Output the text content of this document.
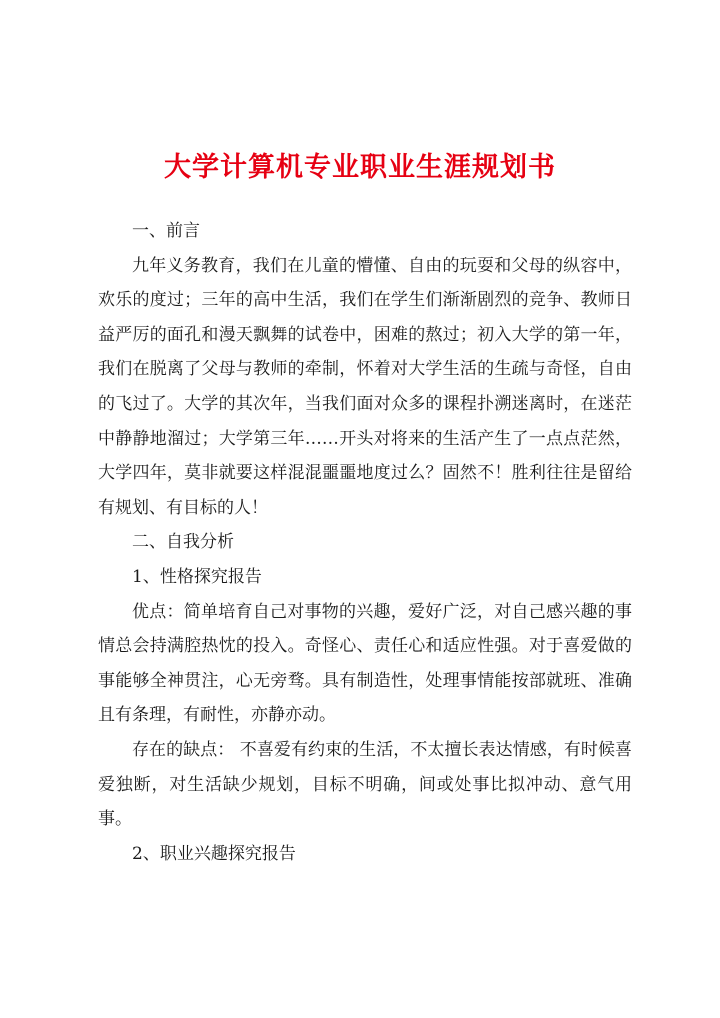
大学计算机专业职业生涯规划书

一、前言

九年义务教育，我们在儿童的懵懂、自由的玩耍和父母的纵容中，欢乐的度过；三年的高中生活，我们在学生们渐渐剧烈的竞争、教师日益严厉的面孔和漫天飘舞的试卷中，困难的熬过；初入大学的第一年，我们在脱离了父母与教师的牵制，怀着对大学生活的生疏与奇怪，自由的飞过了。大学的其次年，当我们面对众多的课程扑溯迷离时，在迷茫中静静地溜过；大学第三年……开头对将来的生活产生了一点点茫然，大学四年，莫非就要这样混混噩噩地度过么？固然不！胜利往往是留给有规划、有目标的人！

二、自我分析

1、性格探究报告

优点：简单培育自己对事物的兴趣，爱好广泛，对自己感兴趣的事情总会持满腔热忱的投入。奇怪心、责任心和适应性强。对于喜爱做的事能够全神贯注，心无旁骛。具有制造性，处理事情能按部就班、准确且有条理，有耐性，亦静亦动。

存在的缺点： 不喜爱有约束的生活，不太擅长表达情感，有时候喜爱独断，对生活缺少规划，目标不明确，间或处事比拟冲动、意气用事。

2、职业兴趣探究报告
